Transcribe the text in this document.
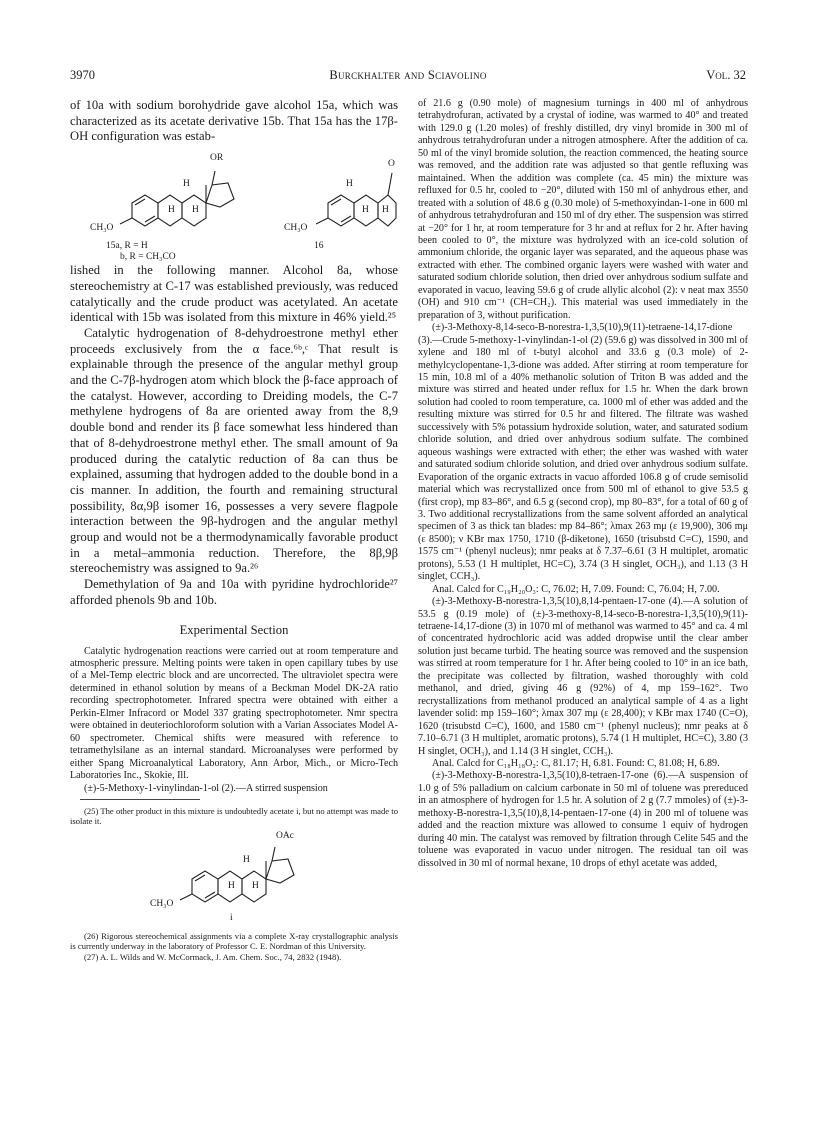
3970	Burckhalter and Sciavolino	Vol. 32

of 10a with sodium borohydride gave alcohol 15a, which was characterized as its acetate derivative 15b. That 15a has the 17β-OH configuration was estab-

OR
H
H H
CH₃O
15a, R = H
b, R = CH₃CO
O
H
H H
CH₃O
16

lished in the following manner. Alcohol 8a, whose stereochemistry at C-17 was established previously, was reduced catalytically and the crude product was acetylated. An acetate identical with 15b was isolated from this mixture in 46% yield.²⁵

Catalytic hydrogenation of 8-dehydroestrone methyl ether proceeds exclusively from the α face.⁶ᵇ,ᶜ That result is explainable through the presence of the angular methyl group and the C-7β-hydrogen atom which block the β-face approach of the catalyst. However, according to Dreiding models, the C-7 methylene hydrogens of 8a are oriented away from the 8,9 double bond and render its β face somewhat less hindered than that of 8-dehydroestrone methyl ether. The small amount of 9a produced during the catalytic reduction of 8a can thus be explained, assuming that hydrogen added to the double bond in a cis manner. In addition, the fourth and remaining structural possibility, 8α,9β isomer 16, possesses a very severe flagpole interaction between the 9β-hydrogen and the angular methyl group and would not be a thermodynamically favorable product in a metal–ammonia reduction. Therefore, the 8β,9β stereochemistry was assigned to 9a.²⁶

Demethylation of 9a and 10a with pyridine hydrochloride²⁷ afforded phenols 9b and 10b.

Experimental Section

Catalytic hydrogenation reactions were carried out at room temperature and atmospheric pressure. Melting points were taken in open capillary tubes by use of a Mel-Temp electric block and are uncorrected. The ultraviolet spectra were determined in ethanol solution by means of a Beckman Model DK-2A ratio recording spectrophotometer. Infrared spectra were obtained with either a Perkin-Elmer Infracord or Model 337 grating spectrophotometer. Nmr spectra were obtained in deuteriochloroform solution with a Varian Associates Model A-60 spectrometer. Chemical shifts were measured with reference to tetramethylsilane as an internal standard. Microanalyses were performed by either Spang Microanalytical Laboratory, Ann Arbor, Mich., or Micro-Tech Laboratories Inc., Skokie, Ill.

(±)-5-Methoxy-1-vinylindan-1-ol (2).—A stirred suspension

(25) The other product in this mixture is undoubtedly acetate i, but no attempt was made to isolate it.

OAc
H
H H
CH₃O
i

(26) Rigorous stereochemical assignments via a complete X-ray crystallographic analysis is currently underway in the laboratory of Professor C. E. Nordman of this University.

(27) A. L. Wilds and W. McCormack, J. Am. Chem. Soc., 74, 2832 (1948).

of 21.6 g (0.90 mole) of magnesium turnings in 400 ml of anhydrous tetrahydrofuran, activated by a crystal of iodine, was warmed to 40° and treated with 129.0 g (1.20 moles) of freshly distilled, dry vinyl bromide in 300 ml of anhydrous tetrahydrofuran under a nitrogen atmosphere. After the addition of ca. 50 ml of the vinyl bromide solution, the reaction commenced, the heating source was removed, and the addition rate was adjusted so that gentle refluxing was maintained. When the addition was complete (ca. 45 min) the mixture was refluxed for 0.5 hr, cooled to −20°, diluted with 150 ml of anhydrous ether, and treated with a solution of 48.6 g (0.30 mole) of 5-methoxyindan-1-one in 600 ml of anhydrous tetrahydrofuran and 150 ml of dry ether. The suspension was stirred at −20° for 1 hr, at room temperature for 3 hr and at reflux for 2 hr. After having been cooled to 0°, the mixture was hydrolyzed with an ice-cold solution of ammonium chloride, the organic layer was separated, and the aqueous phase was extracted with ether. The combined organic layers were washed with water and saturated sodium chloride solution, then dried over anhydrous sodium sulfate and evaporated in vacuo, leaving 59.6 g of crude allylic alcohol (2): ν neat max 3550 (OH) and 910 cm⁻¹ (CH=CH₂). This material was used immediately in the preparation of 3, without purification.

(±)-3-Methoxy-8,14-seco-B-norestra-1,3,5(10),9(11)-tetraene-14,17-dione (3).—Crude 5-methoxy-1-vinylindan-1-ol (2) (59.6 g) was dissolved in 300 ml of xylene and 180 ml of t-butyl alcohol and 33.6 g (0.3 mole) of 2-methylcyclopentane-1,3-dione was added. After stirring at room temperature for 15 min, 10.8 ml of a 40% methanolic solution of Triton B was added and the mixture was stirred and heated under reflux for 1.5 hr. When the dark brown solution had cooled to room temperature, ca. 1000 ml of ether was added and the resulting mixture was stirred for 0.5 hr and filtered. The filtrate was washed successively with 5% potassium hydroxide solution, water, and saturated sodium chloride solution, and dried over anhydrous sodium sulfate. The combined aqueous washings were extracted with ether; the ether was washed with water and saturated sodium chloride solution, and dried over anhydrous sodium sulfate. Evaporation of the organic extracts in vacuo afforded 106.8 g of crude semisolid material which was recrystallized once from 500 ml of ethanol to give 53.5 g (first crop), mp 83–86°, and 6.5 g (second crop), mp 80–83°, for a total of 60 g of 3. Two additional recrystallizations from the same solvent afforded an analytical specimen of 3 as thick tan blades: mp 84–86°; λmax 263 mμ (ε 19,900), 306 mμ (ε 8500); ν KBr max 1750, 1710 (β-diketone), 1650 (trisubstd C=C), 1590, and 1575 cm⁻¹ (phenyl nucleus); nmr peaks at δ 7.37–6.61 (3 H multiplet, aromatic protons), 5.53 (1 H multiplet, HC=C), 3.74 (3 H singlet, OCH₃), and 1.13 (3 H singlet, CCH₃).

Anal. Calcd for C₁₉H₂₀O₃: C, 76.02; H, 7.09. Found: C, 76.04; H, 7.00.

(±)-3-Methoxy-B-norestra-1,3,5(10),8,14-pentaen-17-one (4).—A solution of 53.5 g (0.19 mole) of (±)-3-methoxy-8,14-seco-B-norestra-1,3,5(10),9(11)-tetraene-14,17-dione (3) in 1070 ml of methanol was warmed to 45° and ca. 4 ml of concentrated hydrochloric acid was added dropwise until the clear amber solution just became turbid. The heating source was removed and the suspension was stirred at room temperature for 1 hr. After being cooled to 10° in an ice bath, the precipitate was collected by filtration, washed thoroughly with cold methanol, and dried, giving 46 g (92%) of 4, mp 159–162°. Two recrystallizations from methanol produced an analytical sample of 4 as a light lavender solid: mp 159–160°; λmax 307 mμ (ε 28,400); ν KBr max 1740 (C=O), 1620 (trisubstd C=C), 1600, and 1580 cm⁻¹ (phenyl nucleus); nmr peaks at δ 7.10–6.71 (3 H multiplet, aromatic protons), 5.74 (1 H multiplet, HC=C), 3.80 (3 H singlet, OCH₃), and 1.14 (3 H singlet, CCH₃).

Anal. Calcd for C₁₈H₁₈O₂: C, 81.17; H, 6.81. Found: C, 81.08; H, 6.89.

(±)-3-Methoxy-B-norestra-1,3,5(10),8-tetraen-17-one (6).—A suspension of 1.0 g of 5% palladium on calcium carbonate in 50 ml of toluene was prereduced in an atmosphere of hydrogen for 1.5 hr. A solution of 2 g (7.7 mmoles) of (±)-3-methoxy-B-norestra-1,3,5(10),8,14-pentaen-17-one (4) in 200 ml of toluene was added and the reaction mixture was allowed to consume 1 equiv of hydrogen during 40 min. The catalyst was removed by filtration through Celite 545 and the toluene was evaporated in vacuo under nitrogen. The residual tan oil was dissolved in 30 ml of normal hexane, 10 drops of ethyl acetate was added,
